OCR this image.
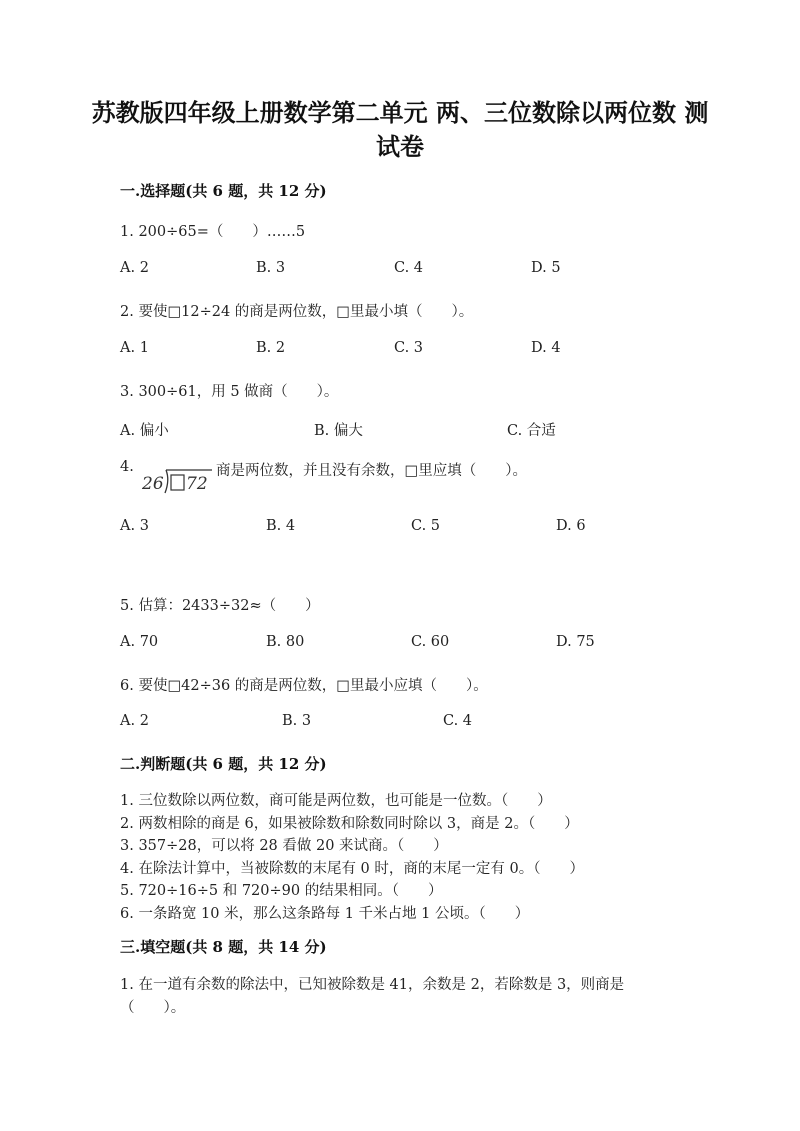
苏教版四年级上册数学第二单元 两、三位数除以两位数 测试卷
一.选择题(共 6 题，共 12 分)
1. 200÷65=（　　）……5
A. 2	B. 3	C. 4	D. 5
2. 要使□12÷24 的商是两位数，□里最小填（　　）。
A. 1	B. 2	C. 3	D. 4
3. 300÷61，用 5 做商（　　）。
A. 偏小	B. 偏大	C. 合适
4.
26 72
商是两位数，并且没有余数，□里应填（　　）。
A. 3	B. 4	C. 5	D. 6
5. 估算：2433÷32≈（　　）
A. 70	B. 80	C. 60	D. 75
6. 要使□42÷36 的商是两位数，□里最小应填（　　）。
A. 2	B. 3	C. 4
二.判断题(共 6 题，共 12 分)
1. 三位数除以两位数，商可能是两位数，也可能是一位数。（　　）
2. 两数相除的商是 6，如果被除数和除数同时除以 3，商是 2。（　　）
3. 357÷28，可以将 28 看做 20 来试商。（　　）
4. 在除法计算中，当被除数的末尾有 0 时，商的末尾一定有 0。（　　）
5. 720÷16÷5 和 720÷90 的结果相同。（　　）
6. 一条路宽 10 米，那么这条路每 1 千米占地 1 公顷。（　　）
三.填空题(共 8 题，共 14 分)
1. 在一道有余数的除法中，已知被除数是 41，余数是 2，若除数是 3，则商是（　　）。
